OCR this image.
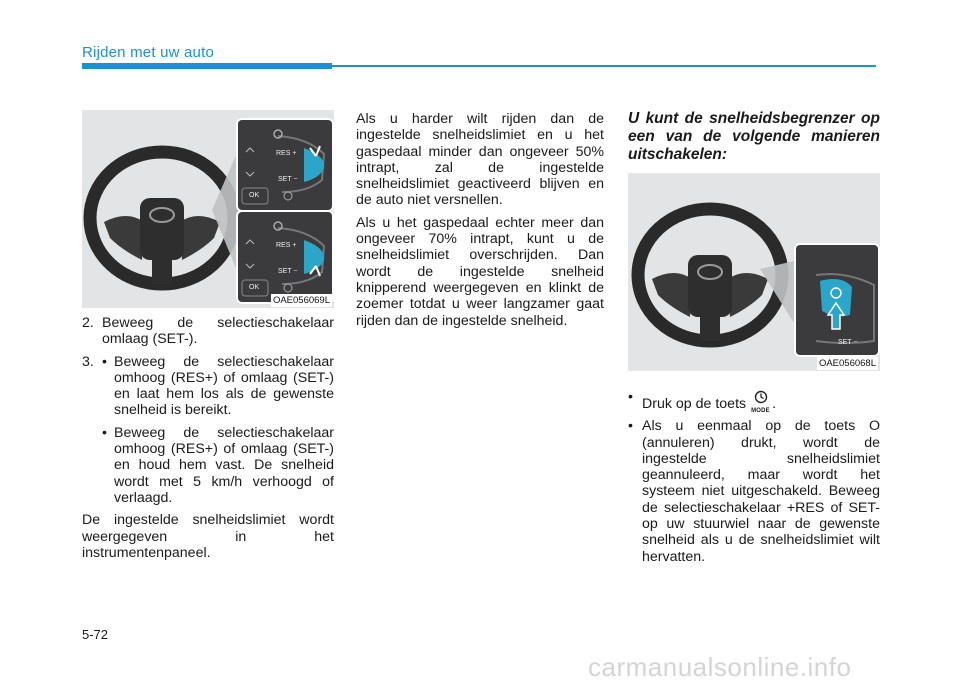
Rijden met uw auto
RES +
SET −
OK
RES +
SET −
OK
OAE056069L
2. Beweeg de selectieschakelaar omlaag (SET-).
3. • Beweeg de selectieschakelaar omhoog (RES+) of omlaag (SET-) en laat hem los als de gewenste snelheid is bereikt.
• Beweeg de selectieschakelaar omhoog (RES+) of omlaag (SET-) en houd hem vast. De snelheid wordt met 5 km/h verhoogd of verlaagd.

De ingestelde snelheidslimiet wordt weergegeven in het instrumentenpaneel.

Als u harder wilt rijden dan de ingestelde snelheidslimiet en u het gaspedaal minder dan ongeveer 50% intrapt, zal de ingestelde snelheidslimiet geactiveerd blijven en de auto niet versnellen.

Als u het gaspedaal echter meer dan ongeveer 70% intrapt, kunt u de snelheidslimiet overschrijden. Dan wordt de ingestelde snelheid knipperend weergegeven en klinkt de zoemer totdat u weer langzamer gaat rijden dan de ingestelde snelheid.

U kunt de snelheidsbegrenzer op een van de volgende manieren uitschakelen:

SET −
OAE056068L
• Druk op de toets MODE .
• Als u eenmaal op de toets O (annuleren) drukt, wordt de ingestelde snelheidslimiet geannuleerd, maar wordt het systeem niet uitgeschakeld. Beweeg de selectieschakelaar +RES of SET- op uw stuurwiel naar de gewenste snelheid als u de snelheidslimiet wilt hervatten.
5-72
carmanualsonline.info
